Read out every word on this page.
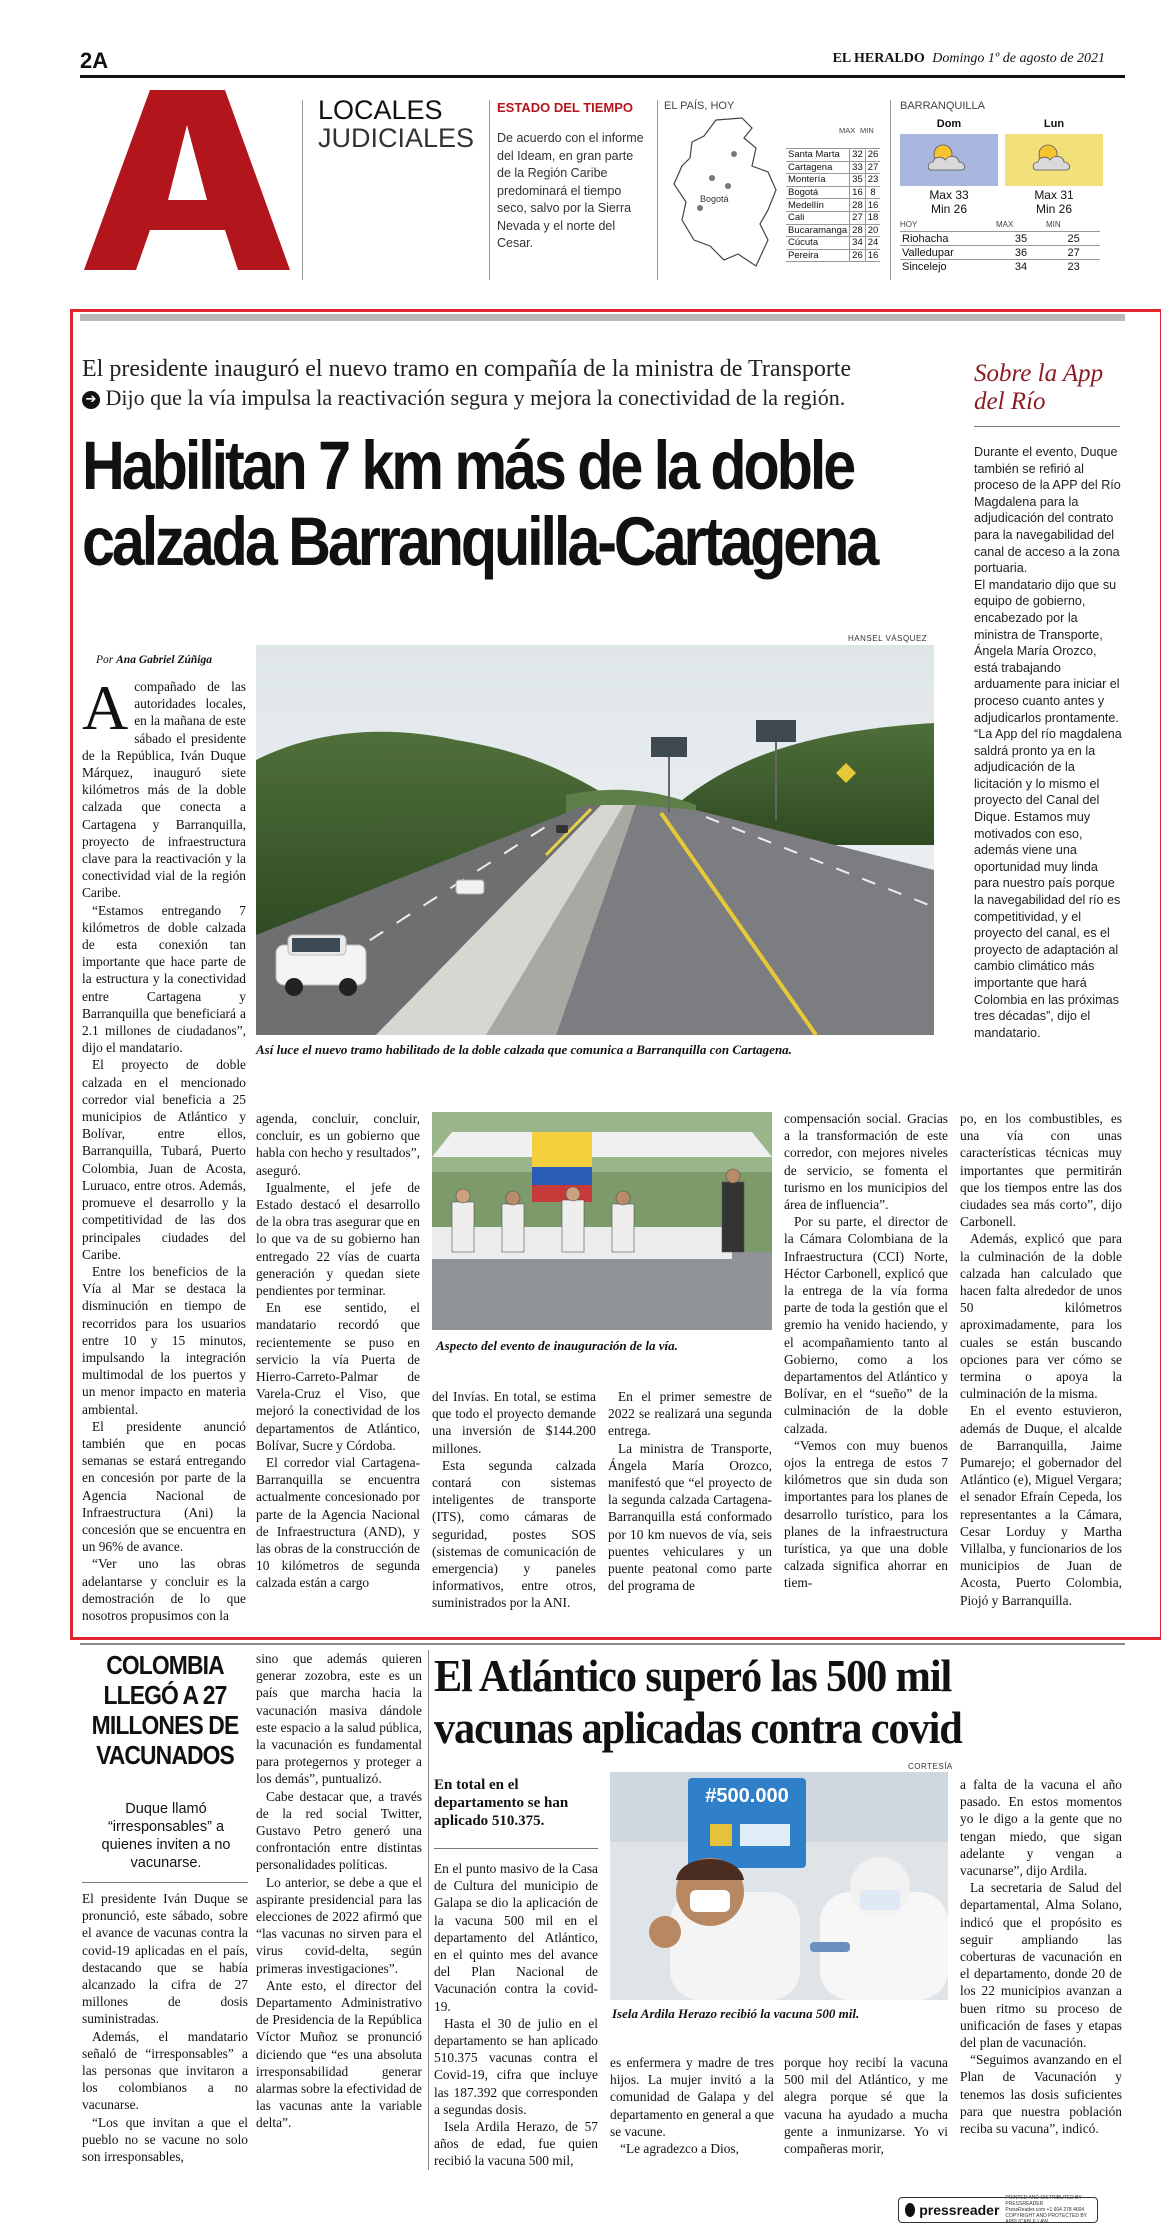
2A	EL HERALDO Domingo 1º de agosto de 2021
LOCALES
JUDICIALES
ESTADO DEL TIEMPO
De acuerdo con el informe del Ideam, en gran parte de la Región Caribe predominará el tiempo seco, salvo por la Sierra Nevada y el norte del Cesar.
EL PAÍS, HOY
Bogotá
MAX MIN
Santa Marta	32	26
Cartagena	33	27
Montería	35	23
Bogotá	16	8
Medellín	28	16
Cali	27	18
Bucaramanga	28	20
Cúcuta	34	24
Pereira	26	16
BARRANQUILLA
Dom
Max 33
Min 26
Lun
Max 31
Min 26
HOY	MAX	MIN
Riohacha	35	25
Valledupar	36	27
Sincelejo	34	23
El presidente inauguró el nuevo tramo en compañía de la ministra de Transporte
➔ Dijo que la vía impulsa la reactivación segura y mejora la conectividad de la región.
Habilitan 7 km más de la doble
calzada Barranquilla-Cartagena
Por Ana Gabriel Zúñiga
HANSEL VÁSQUEZ
Así luce el nuevo tramo habilitado de la doble calzada que comunica a Barranquilla con Cartagena.

A compañado de las autoridades locales, en la mañana de este sábado el presidente de la República, Iván Duque Márquez, inauguró siete kilómetros más de la doble calzada que conecta a Cartagena y Barranquilla, proyecto de infraestructura clave para la reactivación y la conectividad vial de la región Caribe.

“Estamos entregando 7 kilómetros de doble calzada de esta conexión tan importante que hace parte de la estructura y la conectividad entre Cartagena y Barranquilla que beneficiará a 2.1 millones de ciudadanos”, dijo el mandatario.

El proyecto de doble calzada en el mencionado corredor vial beneficia a 25 municipios de Atlántico y Bolívar, entre ellos, Barranquilla, Tubará, Puerto Colombia, Juan de Acosta, Luruaco, entre otros. Además, promueve el desarrollo y la competitividad de las dos principales ciudades del Caribe.

Entre los beneficios de la Vía al Mar se destaca la disminución en tiempo de recorridos para los usuarios entre 10 y 15 minutos, impulsando la integración multimodal de los puertos y un menor impacto en materia ambiental.

El presidente anunció también que en pocas semanas se estará entregando en concesión por parte de la Agencia Nacional de Infraestructura (Ani) la concesión que se encuentra en un 96% de avance.

“Ver uno las obras adelantarse y concluir es la demostración de lo que nosotros propusimos con la

agenda, concluir, concluir, concluir, es un gobierno que habla con hecho y resultados”, aseguró.

Igualmente, el jefe de Estado destacó el desarrollo de la obra tras asegurar que en lo que va de su gobierno han entregado 22 vías de cuarta generación y quedan siete pendientes por terminar.

En ese sentido, el mandatario recordó que recientemente se puso en servicio la vía Puerta de Hierro-Carreto-Palmar de Varela-Cruz el Viso, que mejoró la conectividad de los departamentos de Atlántico, Bolívar, Sucre y Córdoba.

El corredor vial Cartagena-Barranquilla se encuentra actualmente concesionado por parte de la Agencia Nacional de Infraestructura (AND), y las obras de la construcción de 10 kilómetros de segunda calzada están a cargo

Aspecto del evento de inauguración de la vía.

del Invías. En total, se estima que todo el proyecto demande una inversión de $144.200 millones.

Esta segunda calzada contará con sistemas inteligentes de transporte (ITS), como cámaras de seguridad, postes SOS (sistemas de comunicación de emergencia) y paneles informativos, entre otros, suministrados por la ANI.

En el primer semestre de 2022 se realizará una segunda entrega.

La ministra de Transporte, Ángela María Orozco, manifestó que “el proyecto de la segunda calzada Cartagena-Barranquilla está conformado por 10 km nuevos de vía, seis puentes vehiculares y un puente peatonal como parte del programa de

compensación social. Gracias a la transformación de este corredor, con mejores niveles de servicio, se fomenta el turismo en los municipios del área de influencia”.

Por su parte, el director de la Cámara Colombiana de la Infraestructura (CCI) Norte, Héctor Carbonell, explicó que la entrega de la vía forma parte de toda la gestión que el gremio ha venido haciendo, y el acompañamiento tanto al Gobierno, como a los departamentos del Atlántico y Bolívar, en el “sueño” de la culminación de la doble calzada.

“Vemos con muy buenos ojos la entrega de estos 7 kilómetros que sin duda son importantes para los planes de desarrollo turístico, para los planes de la infraestructura turística, ya que una doble calzada significa ahorrar en tiem-

po, en los combustibles, es una vía con unas características técnicas muy importantes que permitirán que los tiempos entre las dos ciudades sea más corto”, dijo Carbonell.

Además, explicó que para la culminación de la doble calzada han calculado que hacen falta alrededor de unos 50 kilómetros aproximadamente, para los cuales se están buscando opciones para ver cómo se termina o apoya la culminación de la misma.

En el evento estuvieron, además de Duque, el alcalde de Barranquilla, Jaime Pumarejo; el gobernador del Atlántico (e), Miguel Vergara; el senador Efraín Cepeda, los representantes a la Cámara, Cesar Lorduy y Martha Villalba, y funcionarios de los municipios de Juan de Acosta, Puerto Colombia, Piojó y Barranquilla.

Sobre la App
del Río

Durante el evento, Duque también se refirió al proceso de la APP del Río Magdalena para la adjudicación del contrato para la navegabilidad del canal de acceso a la zona portuaria.

El mandatario dijo que su equipo de gobierno, encabezado por la ministra de Transporte, Ángela María Orozco, está trabajando arduamente para iniciar el proceso cuanto antes y adjudicarlos prontamente.

“La App del río magdalena saldrá pronto ya en la adjudicación de la licitación y lo mismo el proyecto del Canal del Dique. Estamos muy motivados con eso, además viene una oportunidad muy linda para nuestro país porque la navegabilidad del río es competitividad, y el proyecto del canal, es el proyecto de adaptación al cambio climático más importante que hará Colombia en las próximas tres décadas”, dijo el mandatario.

COLOMBIA
LLEGÓ A 27
MILLONES DE
VACUNADOS
Duque llamó “irresponsables” a quienes inviten a no vacunarse.

El presidente Iván Duque se pronunció, este sábado, sobre el avance de vacunas contra la covid-19 aplicadas en el país, destacando que se había alcanzado la cifra de 27 millones de dosis suministradas.

Además, el mandatario señaló de “irresponsables” a las personas que invitaron a los colombianos a no vacunarse.

“Los que invitan a que el pueblo no se vacune no solo son irresponsables,

sino que además quieren generar zozobra, este es un país que marcha hacia la vacunación masiva dándole este espacio a la salud pública, la vacunación es fundamental para protegernos y proteger a los demás”, puntualizó.

Cabe destacar que, a través de la red social Twitter, Gustavo Petro generó una confrontación entre distintas personalidades políticas.

Lo anterior, se debe a que el aspirante presidencial para las elecciones de 2022 afirmó que “las vacunas no sirven para el virus covid-delta, según primeras investigaciones”.

Ante esto, el director del Departamento Administrativo de Presidencia de la República Víctor Muñoz se pronunció diciendo que “es una absoluta irresponsabilidad generar alarmas sobre la efectividad de las vacunas ante la variable delta”.

El Atlántico superó las 500 mil
vacunas aplicadas contra covid
En total en el departamento se han aplicado 510.375.
CORTESÍA
#500.000
Isela Ardila Herazo recibió la vacuna 500 mil.

En el punto masivo de la Casa de Cultura del municipio de Galapa se dio la aplicación de la vacuna 500 mil en el departamento del Atlántico, en el quinto mes del avance del Plan Nacional de Vacunación contra la covid-19.

Hasta el 30 de julio en el departamento se han aplicado 510.375 vacunas contra el Covid-19, cifra que incluye las 187.392 que corresponden a segundas dosis.

Isela Ardila Herazo, de 57 años de edad, fue quien recibió la vacuna 500 mil,

es enfermera y madre de tres hijos. La mujer invitó a la comunidad de Galapa y del departamento en general a que se vacune.

“Le agradezco a Dios,

porque hoy recibí la vacuna 500 mil del Atlántico, y me alegra porque sé que la vacuna ha ayudado a mucha gente a inmunizarse. Yo vi compañeras morir,

a falta de la vacuna el año pasado. En estos momentos yo le digo a la gente que no tengan miedo, que sigan adelante y vengan a vacunarse”, dijo Ardila.

La secretaria de Salud del departamental, Alma Solano, indicó que el propósito es seguir ampliando las coberturas de vacunación en el departamento, donde 20 de los 22 municipios avanzan a buen ritmo su proceso de unificación de fases y etapas del plan de vacunación.

“Seguimos avanzando en el Plan de Vacunación y tenemos las dosis suficientes para que nuestra población reciba su vacuna”, indicó.

pressreader
PRINTED AND DISTRIBUTED BY PRESSREADER
PressReader.com +1 604 278 4604
COPYRIGHT AND PROTECTED BY APPLICABLE LAW
